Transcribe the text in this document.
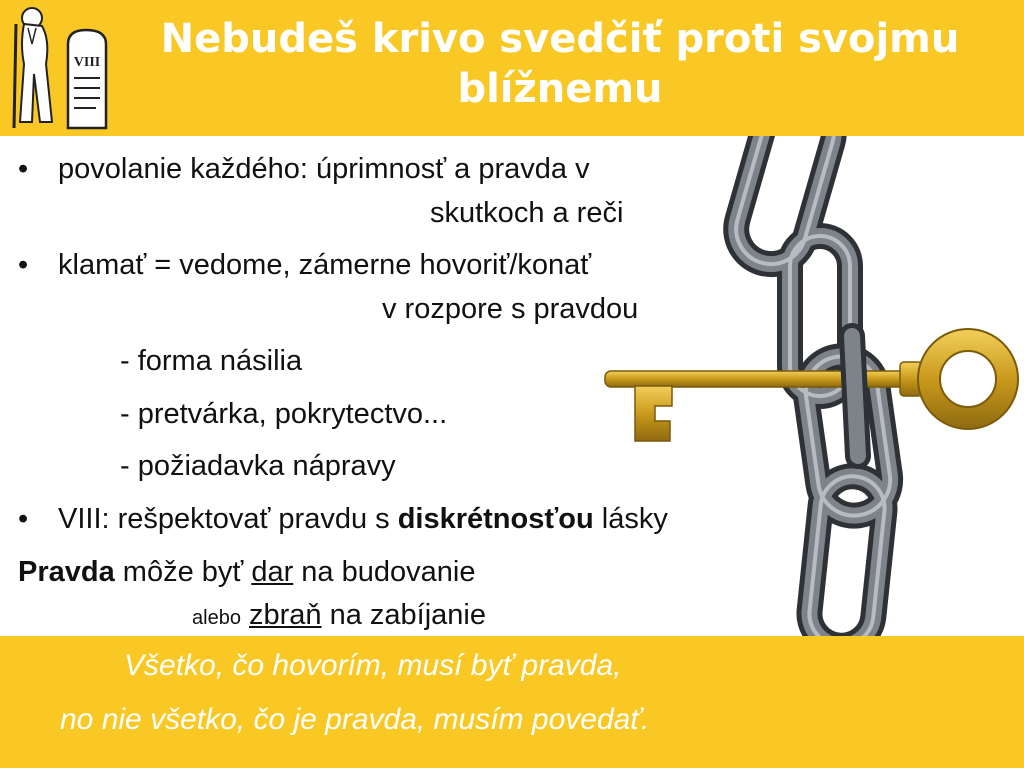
VIII
Nebudeš krivo svedčiť proti svojmu
blížnemu
• povolanie každého: úprimnosť a pravda v
skutkoch a reči
• klamať = vedome, zámerne hovoriť/konať
v rozpore s pravdou
- forma násilia
- pretvárka, pokrytectvo...
- požiadavka nápravy
• VIII: rešpektovať pravdu s diskrétnosťou lásky
Pravda môže byť dar na budovanie
alebo zbraň na zabíjanie
Všetko, čo hovorím, musí byť pravda,
no nie všetko, čo je pravda, musím povedať.
